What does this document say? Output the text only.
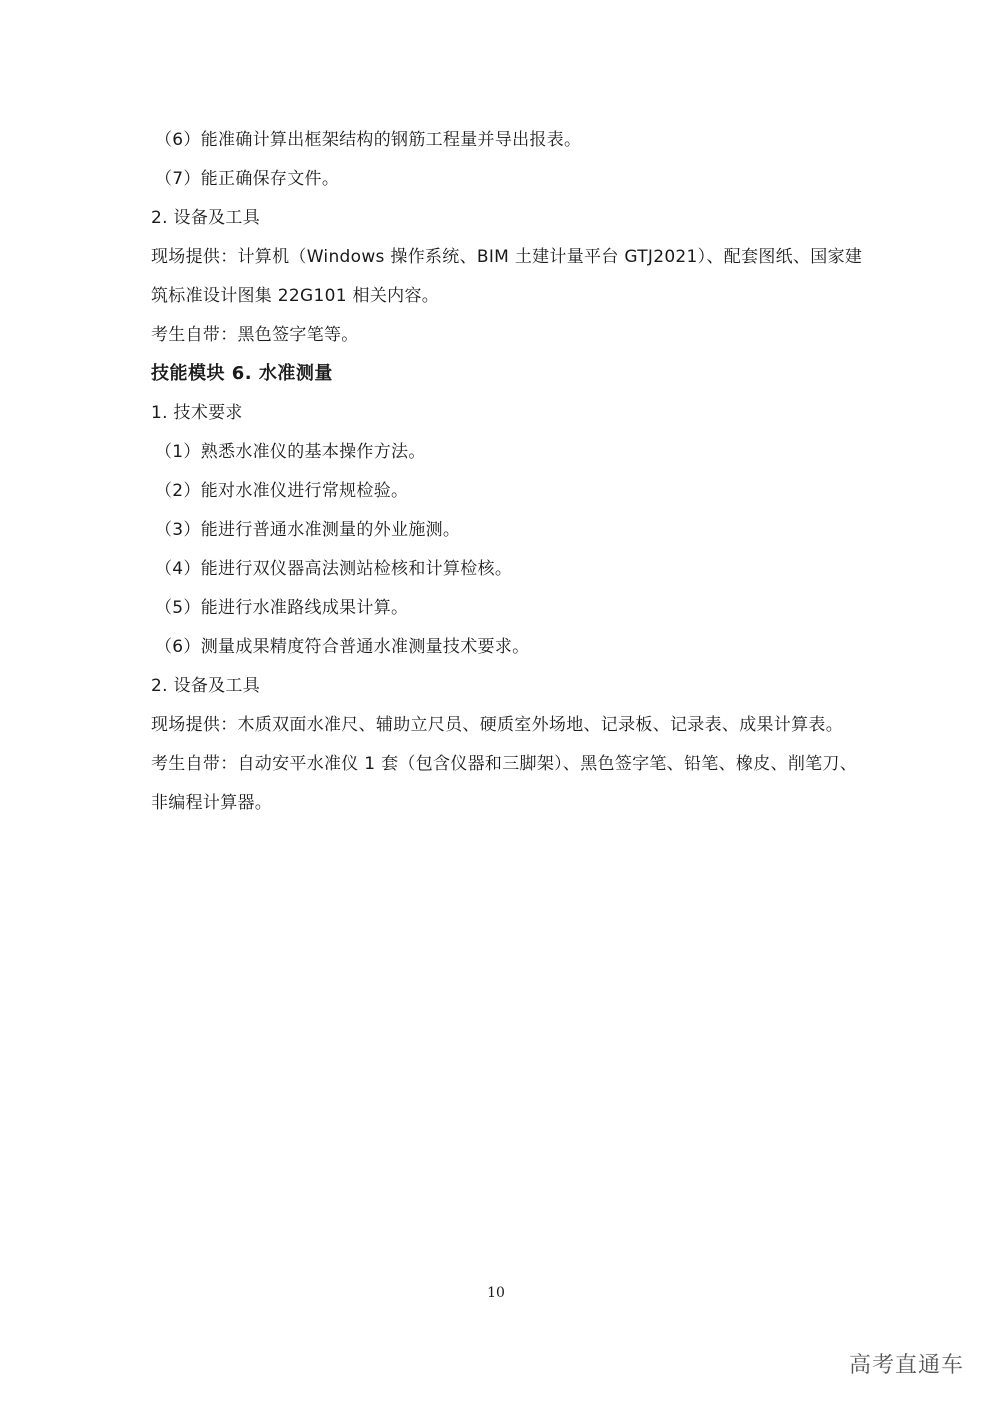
（6）能准确计算出框架结构的钢筋工程量并导出报表。
（7）能正确保存文件。
2. 设备及工具
现场提供：计算机（Windows 操作系统、BIM 土建计量平台 GTJ2021）、配套图纸、国家建
筑标准设计图集 22G101 相关内容。
考生自带：黑色签字笔等。
技能模块 6. 水准测量
1. 技术要求
（1）熟悉水准仪的基本操作方法。
（2）能对水准仪进行常规检验。
（3）能进行普通水准测量的外业施测。
（4）能进行双仪器高法测站检核和计算检核。
（5）能进行水准路线成果计算。
（6）测量成果精度符合普通水准测量技术要求。
2. 设备及工具
现场提供：木质双面水准尺、辅助立尺员、硬质室外场地、记录板、记录表、成果计算表。
考生自带：自动安平水准仪 1 套（包含仪器和三脚架）、黑色签字笔、铅笔、橡皮、削笔刀、
非编程计算器。
10
高考直通车
